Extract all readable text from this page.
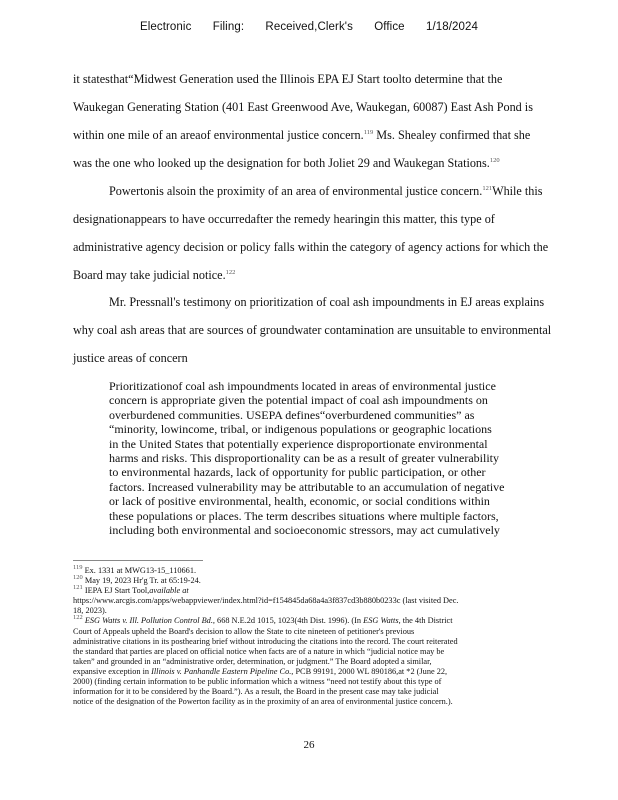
Electronic Filing: Received,Clerk's Office 1/18/2024
it statesthat“Midwest Generation used the Illinois EPA EJ Start toolto determine that the
Waukegan Generating Station (401 East Greenwood Ave, Waukegan, 60087) East Ash Pond is
within one mile of an areaof environmental justice concern.$^{119}$ Ms. Shealey confirmed that she
was the one who looked up the designation for both Joliet 29 and Waukegan Stations.$^{120}$
Powertonis alsoin the proximity of an area of environmental justice concern.$^{121}$While this
designationappears to have occurredafter the remedy hearingin this matter, this type of
administrative agency decision or policy falls within the category of agency actions for which the
Board may take judicial notice.$^{122}$
Mr. Pressnall's testimony on prioritization of coal ash impoundments in EJ areas explains
why coal ash areas that are sources of groundwater contamination are unsuitable to environmental
justice areas of concern
Prioritizationof coal ash impoundments located in areas of environmental justice
concern is appropriate given the potential impact of coal ash impoundments on
overburdened communities. USEPA defines“overburdened communities” as
“minority, lowincome, tribal, or indigenous populations or geographic locations
in the United States that potentially experience disproportionate environmental
harms and risks. This disproportionality can be as a result of greater vulnerability
to environmental hazards, lack of opportunity for public participation, or other
factors. Increased vulnerability may be attributable to an accumulation of negative
or lack of positive environmental, health, economic, or social conditions within
these populations or places. The term describes situations where multiple factors,
including both environmental and socioeconomic stressors, may act cumulatively
$^{119}$ Ex. 1331 at MWG13-15_110661.
$^{120}$ May 19, 2023 Hr'g Tr. at 65:19-24.
$^{121}$ IEPA EJ Start Tool,available at
https://www.arcgis.com/apps/webappviewer/index.html?id=f154845da68a4a3f837cd3b880b0233c (last visited Dec.
18, 2023).
$^{122}$ ESG Watts v. Ill. Pollution Control Bd., 668 N.E.2d 1015, 1023(4th Dist. 1996). (In ESG Watts, the 4th District
Court of Appeals upheld the Board's decision to allow the State to cite nineteen of petitioner's previous
administrative citations in its posthearing brief without introducing the citations into the record. The court reiterated
the standard that parties are placed on official notice when facts are of a nature in which “judicial notice may be
taken” and grounded in an “administrative order, determination, or judgment.” The Board adopted a similar,
expansive exception in Illinois v. Panhandle Eastern Pipeline Co., PCB 99191, 2000 WL 890186,at *2 (June 22,
2000) (finding certain information to be public information which a witness “need not testify about this type of
information for it to be considered by the Board.”). As a result, the Board in the present case may take judicial
notice of the designation of the Powerton facility as in the proximity of an area of environmental justice concern.).
26
